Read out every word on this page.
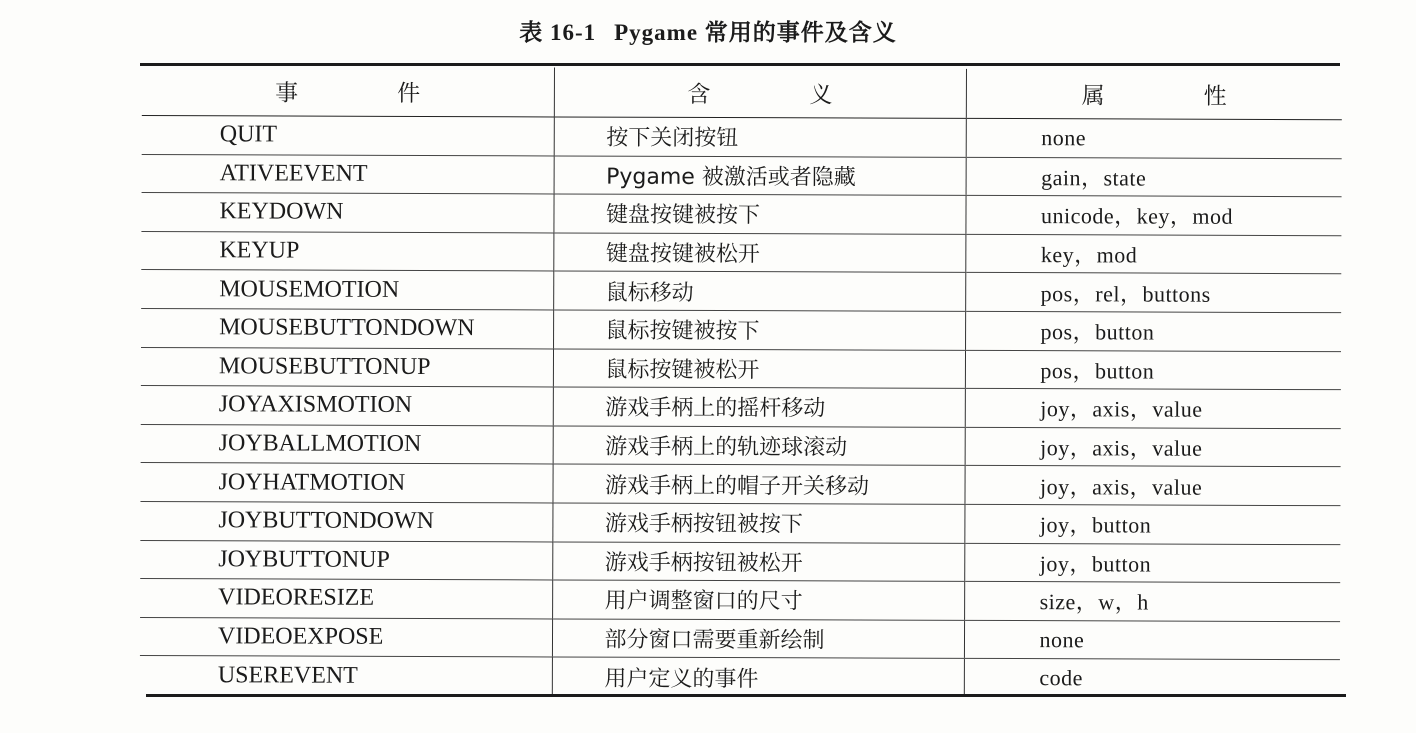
表 16-1 Pygame 常用的事件及含义
事　件	含　义	属　性
QUIT	按下关闭按钮	none
ATIVEEVENT	Pygame 被激活或者隐藏	gain，state
KEYDOWN	键盘按键被按下	unicode，key，mod
KEYUP	键盘按键被松开	key，mod
MOUSEMOTION	鼠标移动	pos，rel，buttons
MOUSEBUTTONDOWN	鼠标按键被按下	pos，button
MOUSEBUTTONUP	鼠标按键被松开	pos，button
JOYAXISMOTION	游戏手柄上的摇杆移动	joy，axis，value
JOYBALLMOTION	游戏手柄上的轨迹球滚动	joy，axis，value
JOYHATMOTION	游戏手柄上的帽子开关移动	joy，axis，value
JOYBUTTONDOWN	游戏手柄按钮被按下	joy，button
JOYBUTTONUP	游戏手柄按钮被松开	joy，button
VIDEORESIZE	用户调整窗口的尺寸	size，w，h
VIDEOEXPOSE	部分窗口需要重新绘制	none
USEREVENT	用户定义的事件	code
